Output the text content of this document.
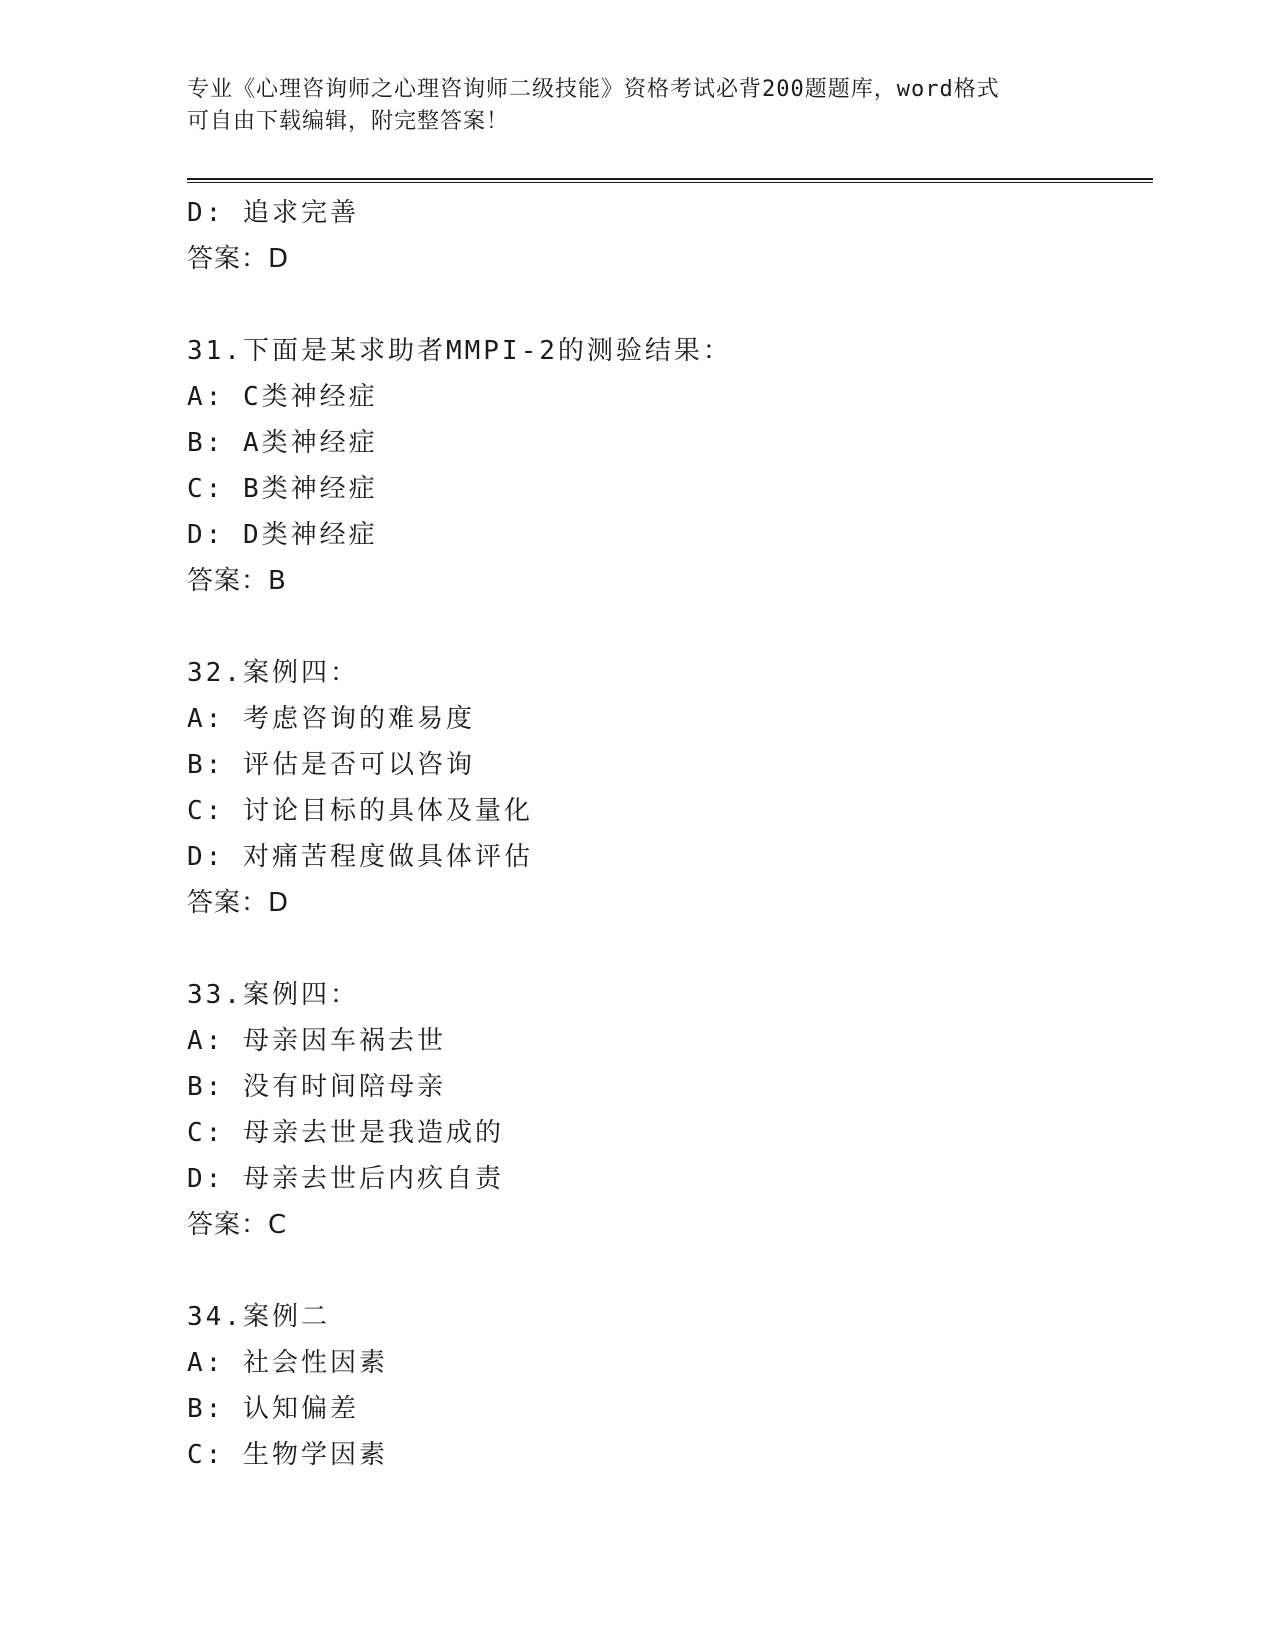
专业《心理咨询师之心理咨询师二级技能》资格考试必背200题题库，word格式
可自由下载编辑，附完整答案！
D: 追求完善
答案：D
31.下面是某求助者MMPI-2的测验结果：
A: C类神经症
B: A类神经症
C: B类神经症
D: D类神经症
答案：B
32.案例四：
A: 考虑咨询的难易度
B: 评估是否可以咨询
C: 讨论目标的具体及量化
D: 对痛苦程度做具体评估
答案：D
33.案例四：
A: 母亲因车祸去世
B: 没有时间陪母亲
C: 母亲去世是我造成的
D: 母亲去世后内疚自责
答案：C
34.案例二
A: 社会性因素
B: 认知偏差
C: 生物学因素
